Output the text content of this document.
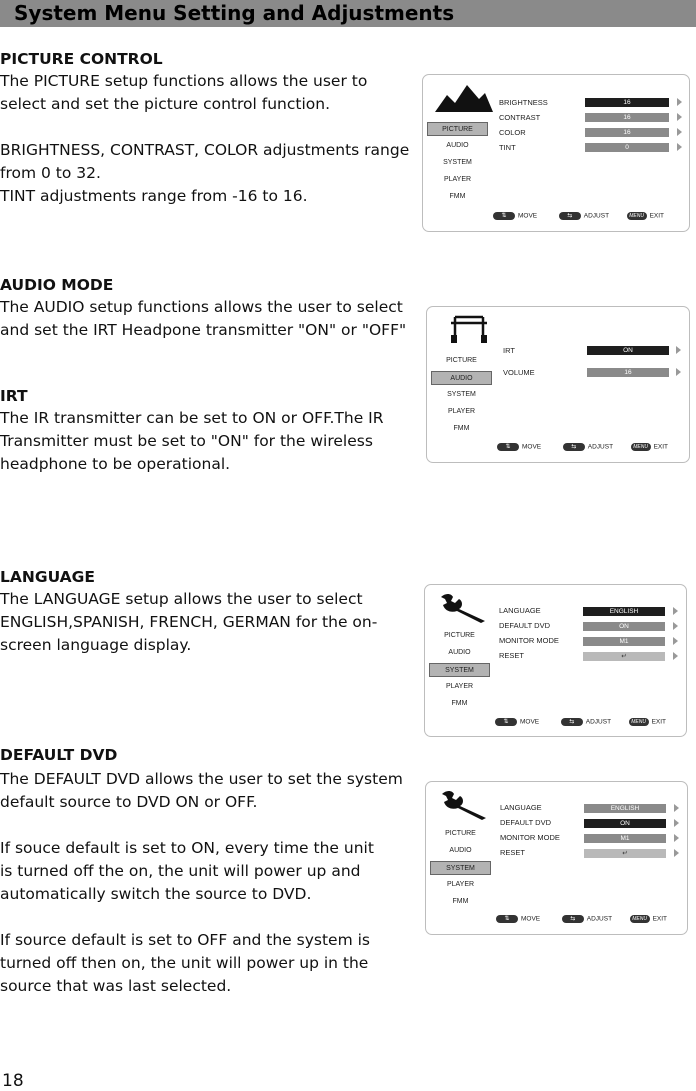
System Menu Setting and Adjustments
PICTURE CONTROL
The PICTURE setup functions allows the user to
select and set the picture control function.
BRIGHTNESS, CONTRAST, COLOR adjustments range
from 0 to 32.
TINT adjustments range from -16 to 16.
AUDIO MODE
The AUDIO setup functions allows the user to select
and set the IRT Headpone transmitter "ON" or "OFF"
IRT
The IR transmitter can be set to ON or OFF.The IR
Transmitter must be set to "ON" for the wireless
headphone to be operational.
LANGUAGE
The LANGUAGE setup allows the user to select
ENGLISH,SPANISH, FRENCH, GERMAN for the on-
screen language display.
DEFAULT DVD
The DEFAULT DVD allows the user to set the system
default source to DVD ON or OFF.
If souce default is set to ON, every time the unit
is turned off the on, the unit will power up and
automatically switch the source to DVD.
If source default is set to OFF and the system is
turned off then on, the unit will power up in the
source that was last selected.
18
PICTURE
AUDIO
SYSTEM
PLAYER
FMM
BRIGHTNESS	16
CONTRAST	16
COLOR	16
TINT	0
⇅ MOVE	⇆ ADJUST	MENU EXIT
PICTURE
AUDIO
SYSTEM
PLAYER
FMM
IRT	ON
VOLUME	16
⇅ MOVE	⇆ ADJUST	MENU EXIT
PICTURE
AUDIO
SYSTEM
PLAYER
FMM
LANGUAGE	ENGLISH
DEFAULT DVD	ON
MONITOR MODE	M1
RESET	↵
⇅ MOVE	⇆ ADJUST	MENU EXIT
PICTURE
AUDIO
SYSTEM
PLAYER
FMM
LANGUAGE	ENGLISH
DEFAULT DVD	ON
MONITOR MODE	M1
RESET	↵
⇅ MOVE	⇆ ADJUST	MENU EXIT
